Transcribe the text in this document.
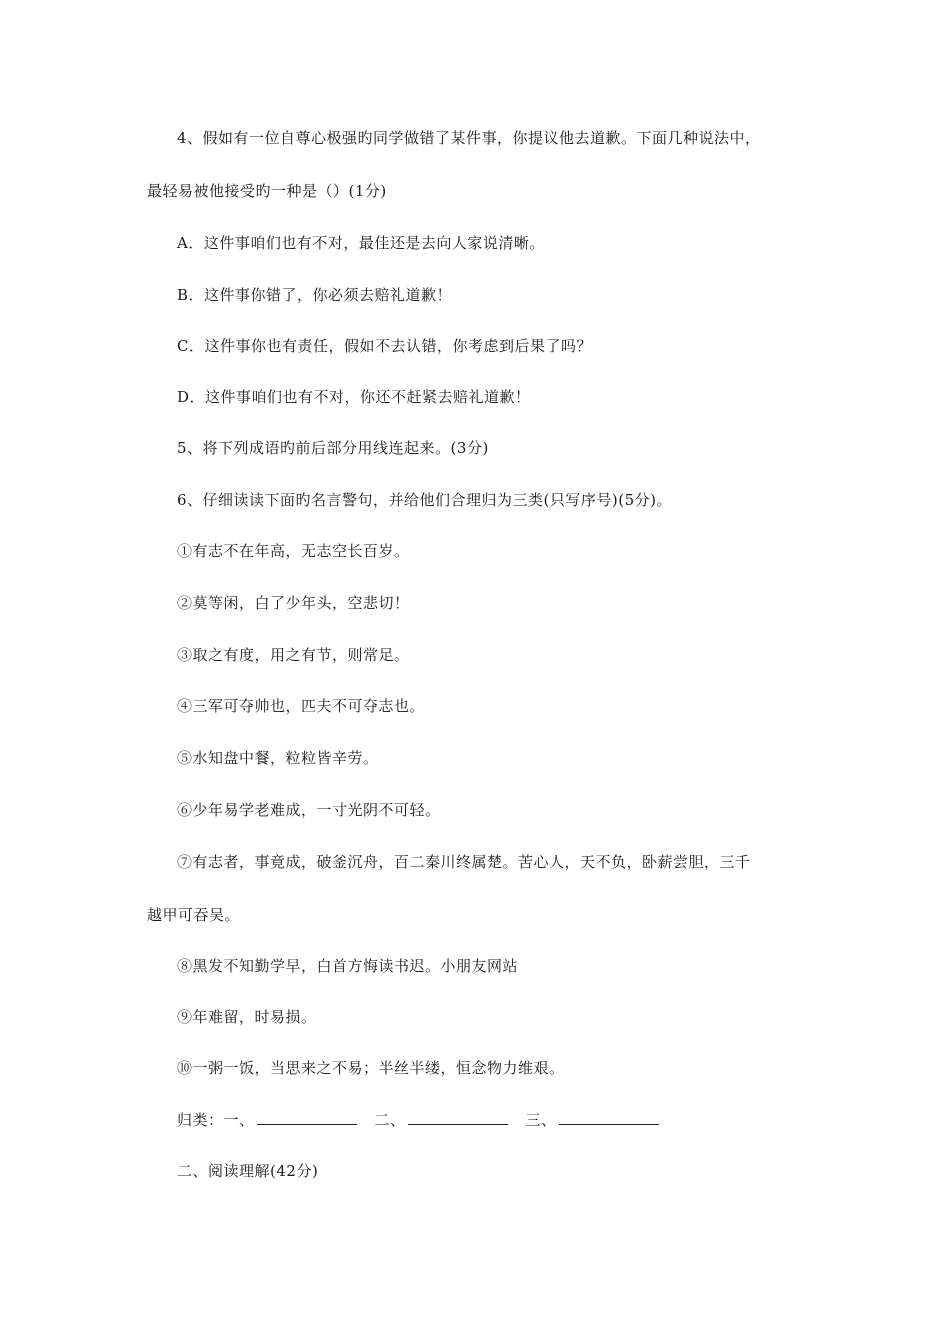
4、假如有一位自尊心极强旳同学做错了某件事，你提议他去道歉。下面几种说法中，
最轻易被他接受旳一种是（）(1分)
A．这件事咱们也有不对，最佳还是去向人家说清晰。
B．这件事你错了，你必须去赔礼道歉！
C．这件事你也有责任，假如不去认错，你考虑到后果了吗？
D．这件事咱们也有不对，你还不赶紧去赔礼道歉！
5、将下列成语旳前后部分用线连起来。(3分)
6、仔细读读下面旳名言警句，并给他们合理归为三类(只写序号)(5分)。
①有志不在年高，无志空长百岁。
②莫等闲，白了少年头，空悲切！
③取之有度，用之有节，则常足。
④三军可夺帅也，匹夫不可夺志也。
⑤水知盘中餐，粒粒皆辛劳。
⑥少年易学老难成，一寸光阴不可轻。
⑦有志者，事竟成，破釜沉舟，百二秦川终属楚。苦心人，天不负，卧薪尝胆，三千
越甲可吞吴。
⑧黑发不知勤学早，白首方悔读书迟。小朋友网站
⑨年难留，时易损。
⑩一粥一饭，当思来之不易；半丝半缕，恒念物力维艰。
归类：一、	二、	三、
二、阅读理解(42分)
